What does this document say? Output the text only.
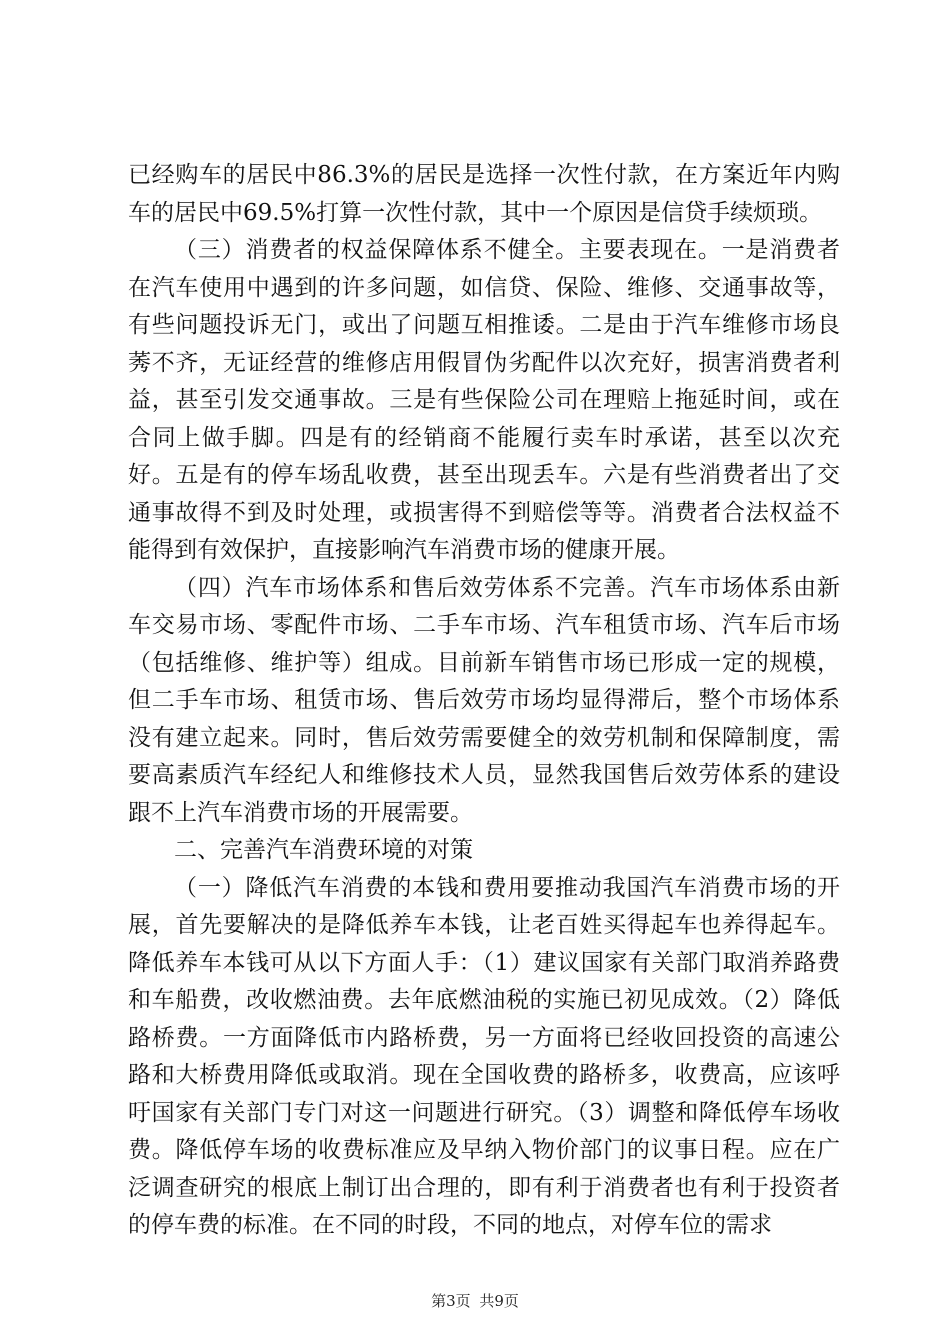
已经购车的居民中86.3%的居民是选择一次性付款，在方案近年内购车的居民中69.5%打算一次性付款，其中一个原因是信贷手续烦琐。

（三）消费者的权益保障体系不健全。主要表现在。一是消费者在汽车使用中遇到的许多问题，如信贷、保险、维修、交通事故等，有些问题投诉无门，或出了问题互相推诿。二是由于汽车维修市场良莠不齐，无证经营的维修店用假冒伪劣配件以次充好，损害消费者利益，甚至引发交通事故。三是有些保险公司在理赔上拖延时间，或在合同上做手脚。四是有的经销商不能履行卖车时承诺，甚至以次充好。五是有的停车场乱收费，甚至出现丢车。六是有些消费者出了交通事故得不到及时处理，或损害得不到赔偿等等。消费者合法权益不能得到有效保护，直接影响汽车消费市场的健康开展。

（四）汽车市场体系和售后效劳体系不完善。汽车市场体系由新车交易市场、零配件市场、二手车市场、汽车租赁市场、汽车后市场（包括维修、维护等）组成。目前新车销售市场已形成一定的规模，但二手车市场、租赁市场、售后效劳市场均显得滞后，整个市场体系没有建立起来。同时，售后效劳需要健全的效劳机制和保障制度，需要高素质汽车经纪人和维修技术人员，显然我国售后效劳体系的建设跟不上汽车消费市场的开展需要。

二、完善汽车消费环境的对策

（一）降低汽车消费的本钱和费用要推动我国汽车消费市场的开展，首先要解决的是降低养车本钱，让老百姓买得起车也养得起车。降低养车本钱可从以下方面人手：（1）建议国家有关部门取消养路费和车船费，改收燃油费。去年底燃油税的实施已初见成效。（2）降低路桥费。一方面降低市内路桥费，另一方面将已经收回投资的高速公路和大桥费用降低或取消。现在全国收费的路桥多，收费高，应该呼吁国家有关部门专门对这一问题进行研究。（3）调整和降低停车场收费。降低停车场的收费标准应及早纳入物价部门的议事日程。应在广泛调查研究的根底上制订出合理的，即有利于消费者也有利于投资者的停车费的标准。在不同的时段，不同的地点，对停车位的需求

第3页 共9页
